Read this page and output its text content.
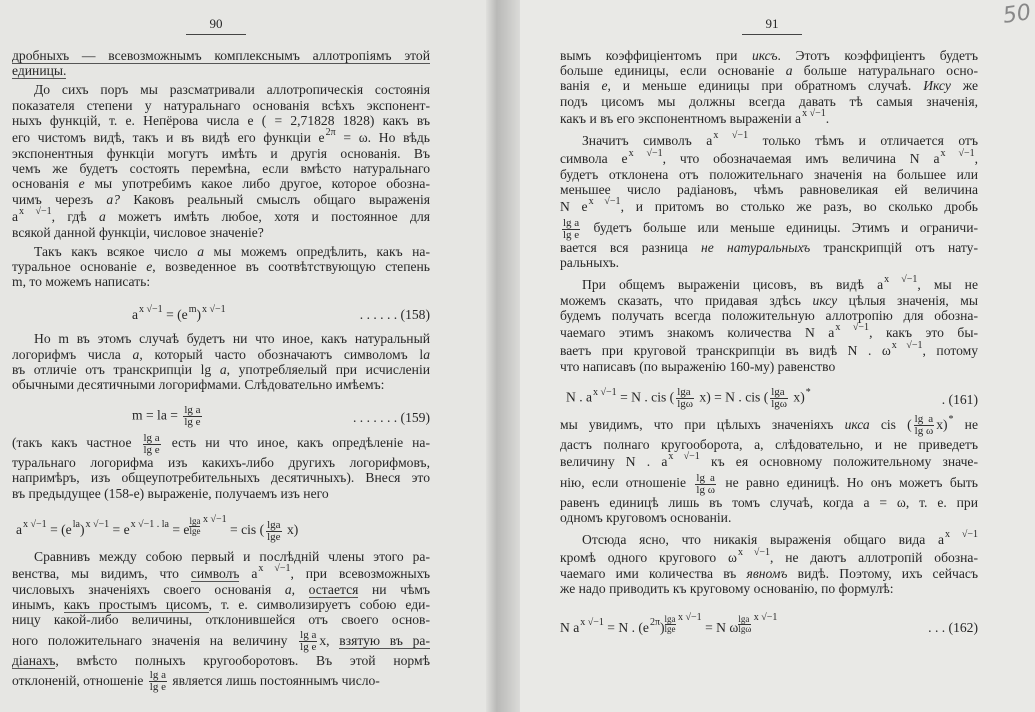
90
дробныхъ — всевозможнымъ комплекснымъ аллотропіямъ этой
единицы.
До сихъ поръ мы разсматривали аллотропическія состоянія
показателя степени у натуральнаго основанія всѣхъ экспонент-
ныхъ функцій, т. е. Непёрова числа e ( = 2,71828 1828) какъ въ
его чистомъ видѣ, такъ и въ видѣ его функціи $e^{2\pi} = \omega$. Но вѣдь
экспонентныя функціи могутъ имѣть и другія основанія. Въ
чемъ же будетъ состоять перемѣна, если вмѣсто натуральнаго
основанія e мы употребимъ какое либо другое, которое обозна-
чимъ черезъ a? Каковъ реальный смыслъ общаго выраженія
$a^{x √-1}$, гдѣ a можетъ имѣть любое, хотя и постоянное для
всякой данной функціи, числовое значеніе?
Такъ какъ всякое число a мы можемъ опредѣлить, какъ на-
туральное основаніе e, возведенное въ соотвѣтствующую степень
m, то можемъ написать:
$a^{x √-1} = (e^m)^{x √-1}$	. . . . . . (158)
Но m въ этомъ случаѣ будетъ ни что иное, какъ натуральный
логорифмъ числа a, который часто обозначаютъ символомъ la
въ отличіе отъ транскрипціи lg a, употребляелый при исчисленіи
обычными десятичными логорифмами. Слѣдовательно имѣемъ:
m = la = $\frac{\text{lg a}}{\text{lg e}}$	. . . . . . . (159)
(такъ какъ частное $\frac{\text{lg a}}{\text{lg e}}$ есть ни что иное, какъ опредѣленіе на-
туральнаго логорифма изъ какихъ-либо другихъ логорифмовъ,
напримѣръ, изъ общеупотребительныхъ десятичныхъ). Внеся это
въ предыдущее (158-е) выраженіе, получаемъ изъ него
$a^{x √-1} = (e^{la})^{x √-1} = e^{x √-1 . la} = e \frac{\lg a}{\lg e} ^{x √-1}$ = cis ( $\frac{\lg a}{\lg e} x$)
Сравнивъ между собою первый и послѣдній члены этого ра-
венства, мы видимъ, что символъ $a^{x √-1}$, при всевозможныхъ
числовыхъ значеніяхъ своего основанія a, остается ни чѣмъ
инымъ, какъ простымъ цисомъ, т. е. символизируетъ собою еди-
ницу какой-либо величины, отклонившейся отъ своего основ-
ного положительнаго значенія на величину $\frac{\text{lg a}}{\text{lg e}} x$, взятую въ ра-
діанахъ, вмѣсто полныхъ кругооборотовъ. Въ этой нормѣ
отклоненій, отношеніе $\frac{\text{lg a}}{\text{lg e}}$ является лишь постояннымъ число-
91
вымъ коэффиціентомъ при иксъ. Этотъ коэффиціентъ будетъ
больше единицы, если основаніе a больше натуральнаго осно-
ванія e, и меньше единицы при обратномъ случаѣ. Иксу же
подъ цисомъ мы должны всегда давать тѣ самыя значенія,
какъ и въ его экспонентномъ выраженіи $a^{x √-1}$.
Значитъ символъ $a^{x √-1}$ только тѣмъ и отличается отъ
символа $e^{x √-1}$, что обозначаемая имъ величина N $a^{x √-1}$,
будетъ отклонена отъ положительнаго значенія на большее или
меньшее число радіановъ, чѣмъ равновеликая ей величина
N $e^{x √-1}$, и притомъ во столько же разъ, во сколько дробь
$\frac{\text{lg a}}{\text{lg e}}$ будетъ больше или меньше единицы. Этимъ и ограничи-
вается вся разница не натуральныхъ транскрипцій отъ нату-
ральныхъ.
При общемъ выраженіи цисовъ, въ видѣ $a^{x √-1}$, мы не
можемъ сказать, что придавая здѣсь иксу цѣлыя значенія, мы
будемъ получать всегда положительную аллотропію для обозна-
чаемаго этимъ знакомъ количества N $a^{x √-1}$, какъ это бы-
ваетъ при круговой транскрипціи въ видѣ N . $\omega^{x √-1}$, потому
что написавъ (по выраженію 160-му) равенство
N . $a^{x √-1} = N$ . cis ( $\frac{\lg a}{\lg\omega} x) = N$ . cis ( $\frac{\lg a}{\lg\omega} x)^*$	. (161)
мы увидимъ, что при цѣлыхъ значеніяхъ икса cis ( $\frac{\text{lg a}}{\text{lg ω}} x)^*$ не
дастъ полнаго кругооборота, а, слѣдовательно, и не приведетъ
величину N . $a^{x √-1}$ къ ея основному положительному значе-
нію, если отношеніе $\frac{\text{lg a}}{\text{lg ω}}$ не равно единицѣ. Но онъ можетъ быть
равенъ единицѣ лишь въ томъ случаѣ, когда a = ω, т. е. при
одномъ круговомъ основаніи.
Отсюда ясно, что никакія выраженія общаго вида $a^{x √-1}$
кромѣ одного кругового $\omega^{x √-1}$, не даютъ аллотропій обозна-
чаемаго ими количества въ явномъ видѣ. Поэтому, ихъ сейчасъ
же надо приводить къ круговому основанію, по формулѣ:
N $a^{x √-1} = N$ . $(e^{2\pi}) \frac{\lg a}{\lg e} ^{x √-1} = N$ ω $\frac{\lg a}{\lg\omega} ^{x √-1}$
. . . (162)
50
